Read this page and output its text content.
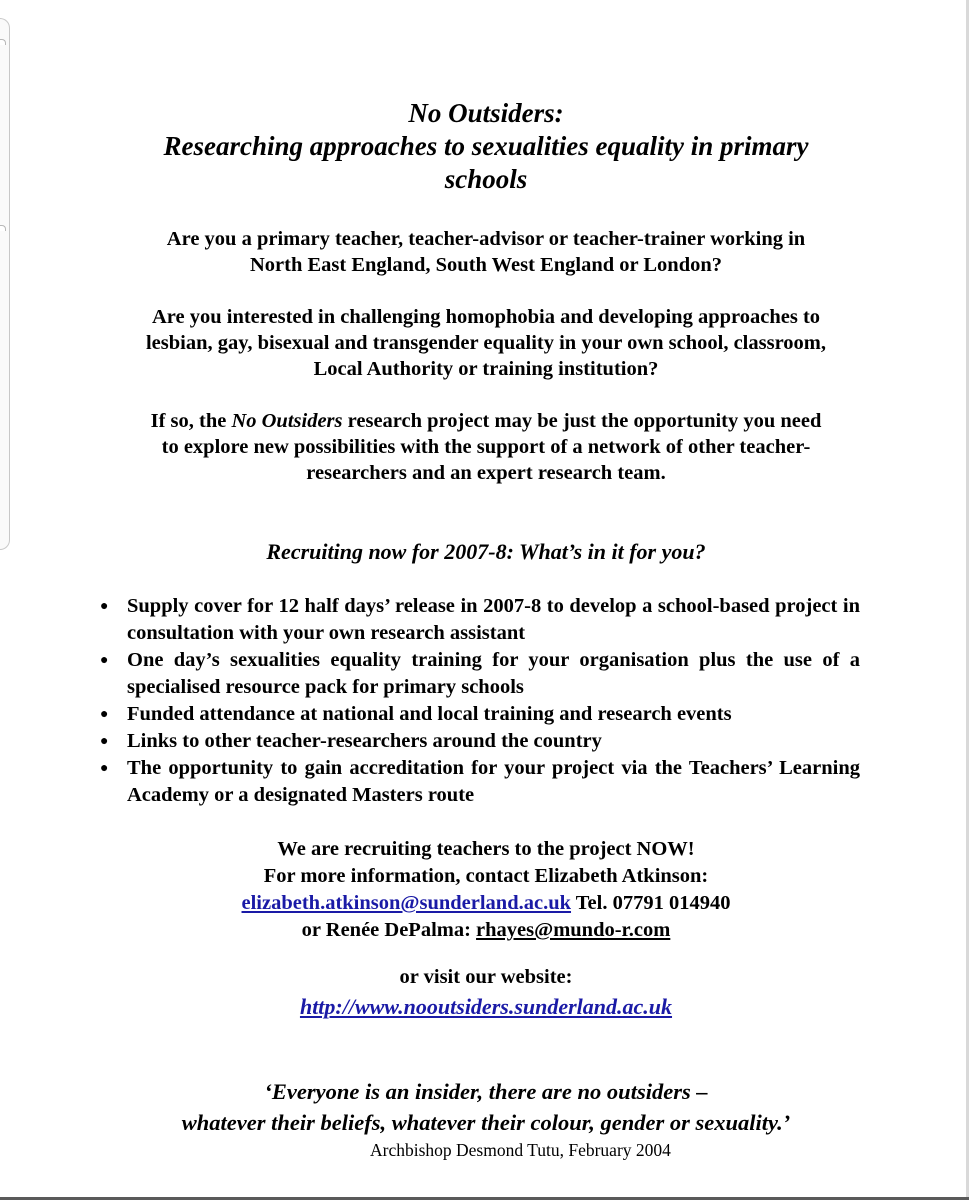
No Outsiders:
Researching approaches to sexualities equality in primary
schools
Are you a primary teacher, teacher-advisor or teacher-trainer working in
North East England, South West England or London?
Are you interested in challenging homophobia and developing approaches to
lesbian, gay, bisexual and transgender equality in your own school, classroom,
Local Authority or training institution?
If so, the No Outsiders research project may be just the opportunity you need
to explore new possibilities with the support of a network of other teacher-
researchers and an expert research team.
Recruiting now for 2007-8: What’s in it for you?
● Supply cover for 12 half days’ release in 2007-8 to develop a school-based project in consultation with your own research assistant
● One day’s sexualities equality training for your organisation plus the use of a specialised resource pack for primary schools
● Funded attendance at national and local training and research events
● Links to other teacher-researchers around the country
● The opportunity to gain accreditation for your project via the Teachers’ Learning Academy or a designated Masters route
We are recruiting teachers to the project NOW!
For more information, contact Elizabeth Atkinson:
elizabeth.atkinson@sunderland.ac.uk Tel. 07791 014940
or Renée DePalma: rhayes@mundo-r.com
or visit our website:
http://www.nooutsiders.sunderland.ac.uk
‘Everyone is an insider, there are no outsiders –
whatever their beliefs, whatever their colour, gender or sexuality.’
Archbishop Desmond Tutu, February 2004
